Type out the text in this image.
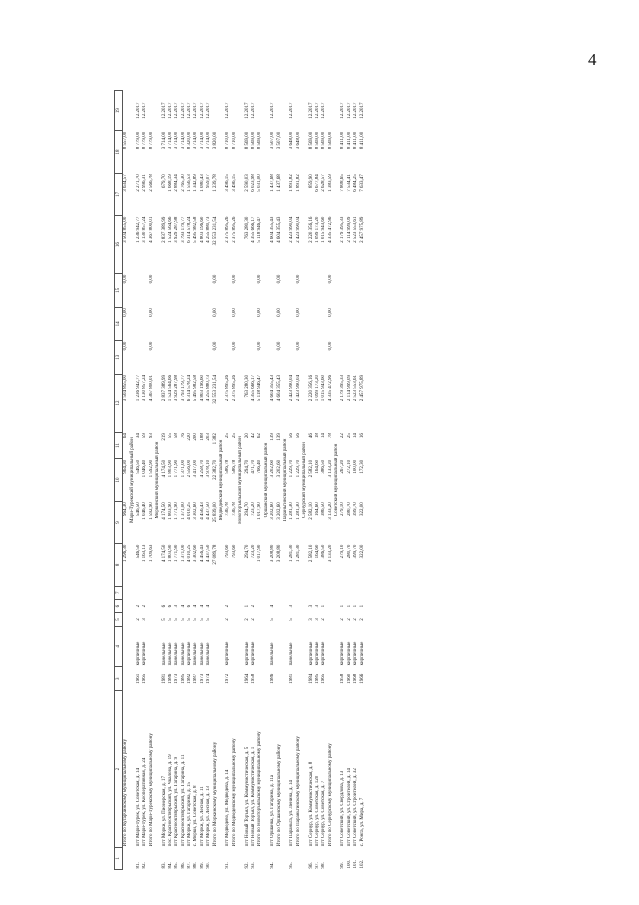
4
1	2	3	4	5	6	7	8	9	10	11	12	13	14	15	16	17	18	19
	Итого по Кугарчинскому муниципальному району						1 296,30	964,30	964,30	64	3 504 855,00	0,00	0,00	0,00	3 504 855,00	3 634,57	8 557,00	
Мари-Турекский муниципальный район																		
81.	пгт Мари-Турек, ул. Советская, д. 14	1961	кирпичные	2	2		546,50	546,50	546,50	34	1 236 942,77				1 236 942,77	2 271,70	8 779,00	12.2017
82.	пгт Мари-Турек, ул. Кооперативная, д. 24	1965	кирпичные	3	2		1 163,13	1 046,40	1 046,40	59	3 130 857,24				3 130 857,24	2 996,31	8 779,00	12.2017
	Итого по Мари-Турекскому муниципальному району						1 709,63	1 592,90	1 592,90	93	4 367 800,01	0,00	0,00	0,00	4 367 800,01	2 566,78	8 779,00	
Моркинский муниципальный район																		
83.	пгт Морки, ул. Пионерская, д. 17	1981	панельные	5	6		4 174,50	4 174,50	4 174,50	219	2 837 389,99				2 837 389,99	679,70	3 714,00	12.2017
84.	пос. Краснооктябрьский, ул. Чкалова, д. 19	1986	панельные	5	6		1 803,90	1 803,90	1 803,90	55	1 524 564,66				1 524 564,66	1 668,19	3 714,00	12.2017
85.	пгт Краснооктябрьский, ул. Гагарина, д. 9	1973	панельные	5	3		1 771,90	1 771,90	1 771,90	58	3 929 287,98				3 929 287,98	2 884,34	3 714,00	12.2017
86.	пгт Краснооктябрьский, ул. Гагарина, д. 11	1985	панельные	5	4		1 371,00	1 371,00	1 371,00	76	3 793 179,77				3 793 179,77	2 765,30	3 714,00	12.2017
87.	пгт Морки, ул. Гагарина, д. 15	1982	кирпичные	5	6		4 010,25	4 010,25	2 556,00	220	6 314 578,24				6 314 578,24	1 556,53	8 320,00	12.2017
88.	с. Морки, ул. Советская, д. 8	1987	панельные	5	4		3 302,60	3 302,60	3 417,00	200	5 495 982,58				5 495 982,58	1 342,89	3 714,00	12.2017
89.	пгт Морки, ул. Лесная, д. 11	1973	панельные	5	4		4 456,43	4 456,43	4 258,70	188	4 803 196,60				4 803 196,60	1 080,43	3 714,00	12.2017
90.	пгт Морки, ул. Лесная, д. 13	1974	панельные	5	4		4 437,50	4 437,50	3 978,10	203	4 255 880,73				4 255 880,73	959,07	3 714,00	12.2017
	Итого по Моркинскому муниципальному району						27 089,78	25 839,00	22 382,70	1 382	32 553 231,54	0,00	0,00	0,00	32 553 231,54	1 239,78	3 820,00	
Медведевский муниципальный район																		
91.	пгт Медведево, ул. Медведева, д. 14	1972	кирпичные	2	2		793,60	736,78	586,78	25	2 375 895,26				2 375 895,26	3 496,15	8 710,00	12.2017
	Итого по Медведевскому муниципальному району						793,60	736,78	586,78	25	2 375 895,26	0,00	0,00	0,00	2 375 895,26	3 496,15	8 710,00	
Новоторъяльский муниципальный район																		
92.	пгт Новый Торъял, ул. Коммунистическая, д. 5	1964	кирпичные	2	1		294,70	294,70	294,70	20	763 280,30				763 280,30	2 590,03	8 569,00	12.2017
93.	пгт Новый Торъял, ул. Коммунистическая, д. 1	1958	кирпичные	2	2		723,20	723,20	471,70	42	4 355 666,17				4 355 666,17	6 023,98	8 569,00	12.2017
	Итого по Новоторъяльскому муниципальному району						1 017,90	1 017,90	766,40	62	5 118 946,47	0,00	0,00	0,00	5 118 946,47	5 031,00	8 569,00	
Оршанский муниципальный район																		
94.	пгт Оршанка, ул. Гагарина, д. 11а	1986	панельные	5	4		3 208,80	3 202,60	3 202,60	139	4 604 355,43				4 604 355,43	1 437,68	3 507,00	12.2017
	Итого по Оршанскому муниципальному району						3 208,80	3 202,60	3 202,60	139	4 604 355,43	0,00	0,00	0,00	4 604 355,43	1 437,68	3 507,00	
Параньгинский муниципальный район																		
95.	пгт Параньга, ул. Ленина, д. 14	1981	панельные	5	3		1 281,30	1 281,30	1 229,70	56	2 423 990,04				2 423 990,04	1 891,82	3 648,00	12.2017
	Итого по Параньгинскому муниципальному району						1 281,30	1 281,30	1 229,70	56	2 423 990,04	0,00	0,00	0,00	2 423 990,04	1 891,82	3 648,00	
Сернурский муниципальный район																		
96.	пгт Сернур, ул. Коммунистическая, д. 8	1984	кирпичные	3	3		2 582,10	2 582,10	2 582,10	46	2 220 356,16				2 220 356,16	859,90	8 569,00	12.2017
97.	пгт Сернур, ул. Советская, д. 120	1985	кирпичные	3	3		164,60	164,60	164,60	18	1 099 173,20				1 099 173,20	6 677,84	8 569,00	12.2017
98.	пгт Сернур, ул. Советская, д. 7	1965	кирпичные	2	1		386,50	386,50	386,50	14	1 015 943,60				1 015 943,60	2 628,57	8 569,00	12.2017
	Итого по Сернурскому муниципальному району						3 133,20	3 133,20	3 133,20	78	4 335 472,96	0,00	0,00	0,00	4 335 472,96	1 383,59	8 569,00	
Советский муниципальный район																		
99.	пгт Советский, ул. Свердлова, д. 13	1958	кирпичные	2	1		279,10	279,10	267,20	22	2 179 395,33				2 179 395,33	7 808,65	8 411,00	12.2017
100.	пгт Советский, ул. Строителей, д. 14	1960	кирпичные	2	1		280,70	280,70	272,10	25	2 114 999,09				2 114 999,09	7 534,41	8 411,00	12.2017
101.	пгт Советский, ул. Строителей, д. 32	1968	кирпичные	2	1		399,70	399,70	100,00	14	2 523 553,61				2 523 553,61	6 484,25	8 411,00	12.2017
102.	с. Ронга, ул. Мира, д. 7	1966	кирпичные	2	1		322,00	322,00	172,30	16	2 457 975,89				2 457 975,89	7 633,47	8 411,00	12.2017
